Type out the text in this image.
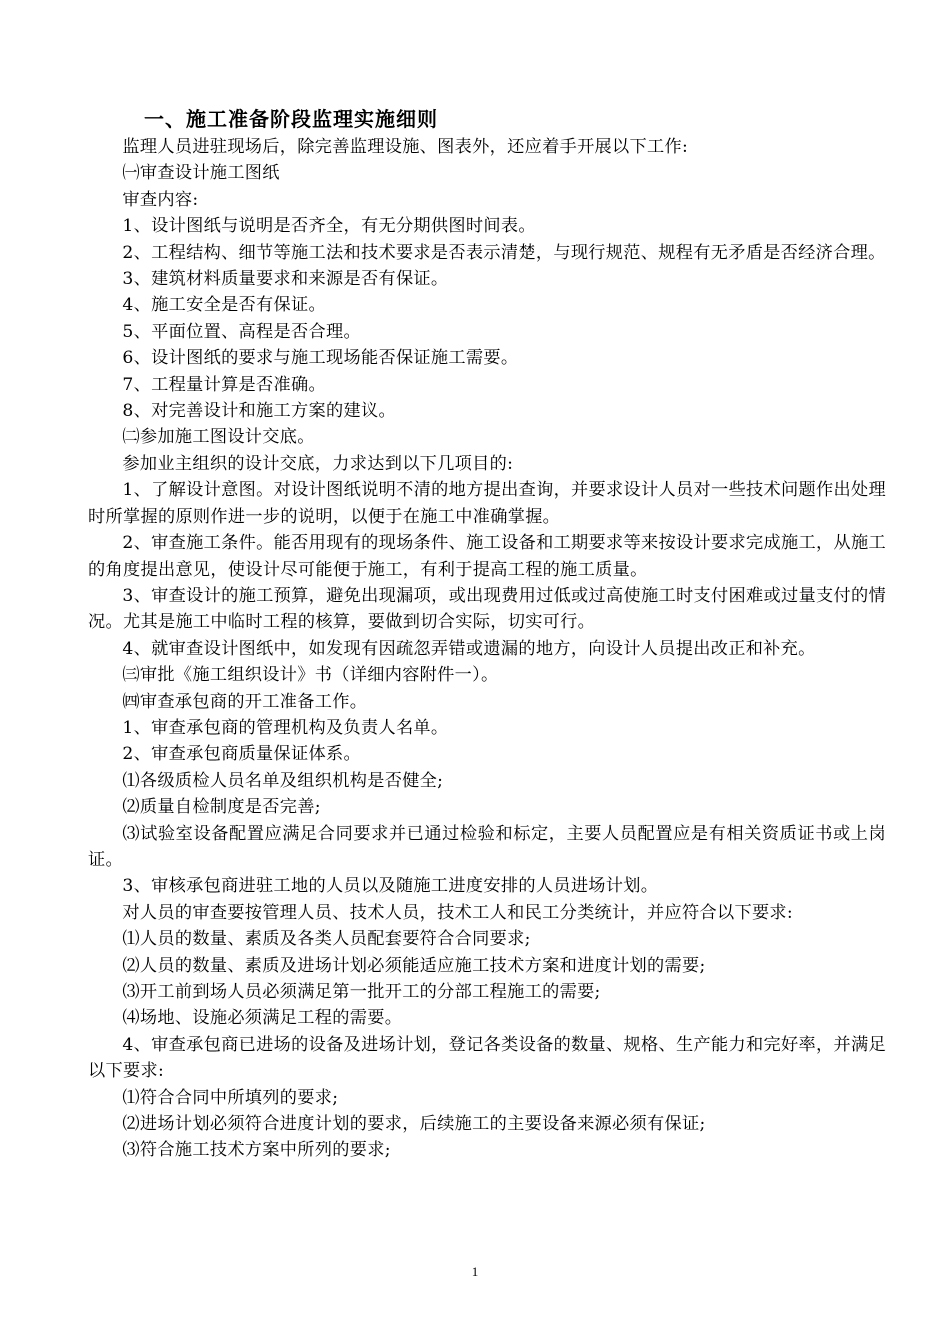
一、施工准备阶段监理实施细则

监理人员进驻现场后，除完善监理设施、图表外，还应着手开展以下工作:

㈠审查设计施工图纸

审查内容:

1、设计图纸与说明是否齐全，有无分期供图时间表。

2、工程结构、细节等施工法和技术要求是否表示清楚，与现行规范、规程有无矛盾是否经济合理。

3、建筑材料质量要求和来源是否有保证。

4、施工安全是否有保证。

5、平面位置、高程是否合理。

6、设计图纸的要求与施工现场能否保证施工需要。

7、工程量计算是否准确。

8、对完善设计和施工方案的建议。

㈡参加施工图设计交底。

参加业主组织的设计交底，力求达到以下几项目的:

1、了解设计意图。对设计图纸说明不清的地方提出查询，并要求设计人员对一些技术问题作出处理时所掌握的原则作进一步的说明，以便于在施工中准确掌握。

2、审查施工条件。能否用现有的现场条件、施工设备和工期要求等来按设计要求完成施工，从施工的角度提出意见，使设计尽可能便于施工，有利于提高工程的施工质量。

3、审查设计的施工预算，避免出现漏项，或出现费用过低或过高使施工时支付困难或过量支付的情况。尤其是施工中临时工程的核算，要做到切合实际，切实可行。

4、就审查设计图纸中，如发现有因疏忽弄错或遗漏的地方，向设计人员提出改正和补充。

㈢审批《施工组织设计》书（详细内容附件一）。

㈣审查承包商的开工准备工作。

1、审查承包商的管理机构及负责人名单。

2、审查承包商质量保证体系。

⑴各级质检人员名单及组织机构是否健全;

⑵质量自检制度是否完善;

⑶试验室设备配置应满足合同要求并已通过检验和标定，主要人员配置应是有相关资质证书或上岗证。

3、审核承包商进驻工地的人员以及随施工进度安排的人员进场计划。

对人员的审查要按管理人员、技术人员，技术工人和民工分类统计，并应符合以下要求:

⑴人员的数量、素质及各类人员配套要符合合同要求;

⑵人员的数量、素质及进场计划必须能适应施工技术方案和进度计划的需要;

⑶开工前到场人员必须满足第一批开工的分部工程施工的需要;

⑷场地、设施必须满足工程的需要。

4、审查承包商已进场的设备及进场计划，登记各类设备的数量、规格、生产能力和完好率，并满足以下要求:

⑴符合合同中所填列的要求;

⑵进场计划必须符合进度计划的要求，后续施工的主要设备来源必须有保证;

⑶符合施工技术方案中所列的要求;

1
